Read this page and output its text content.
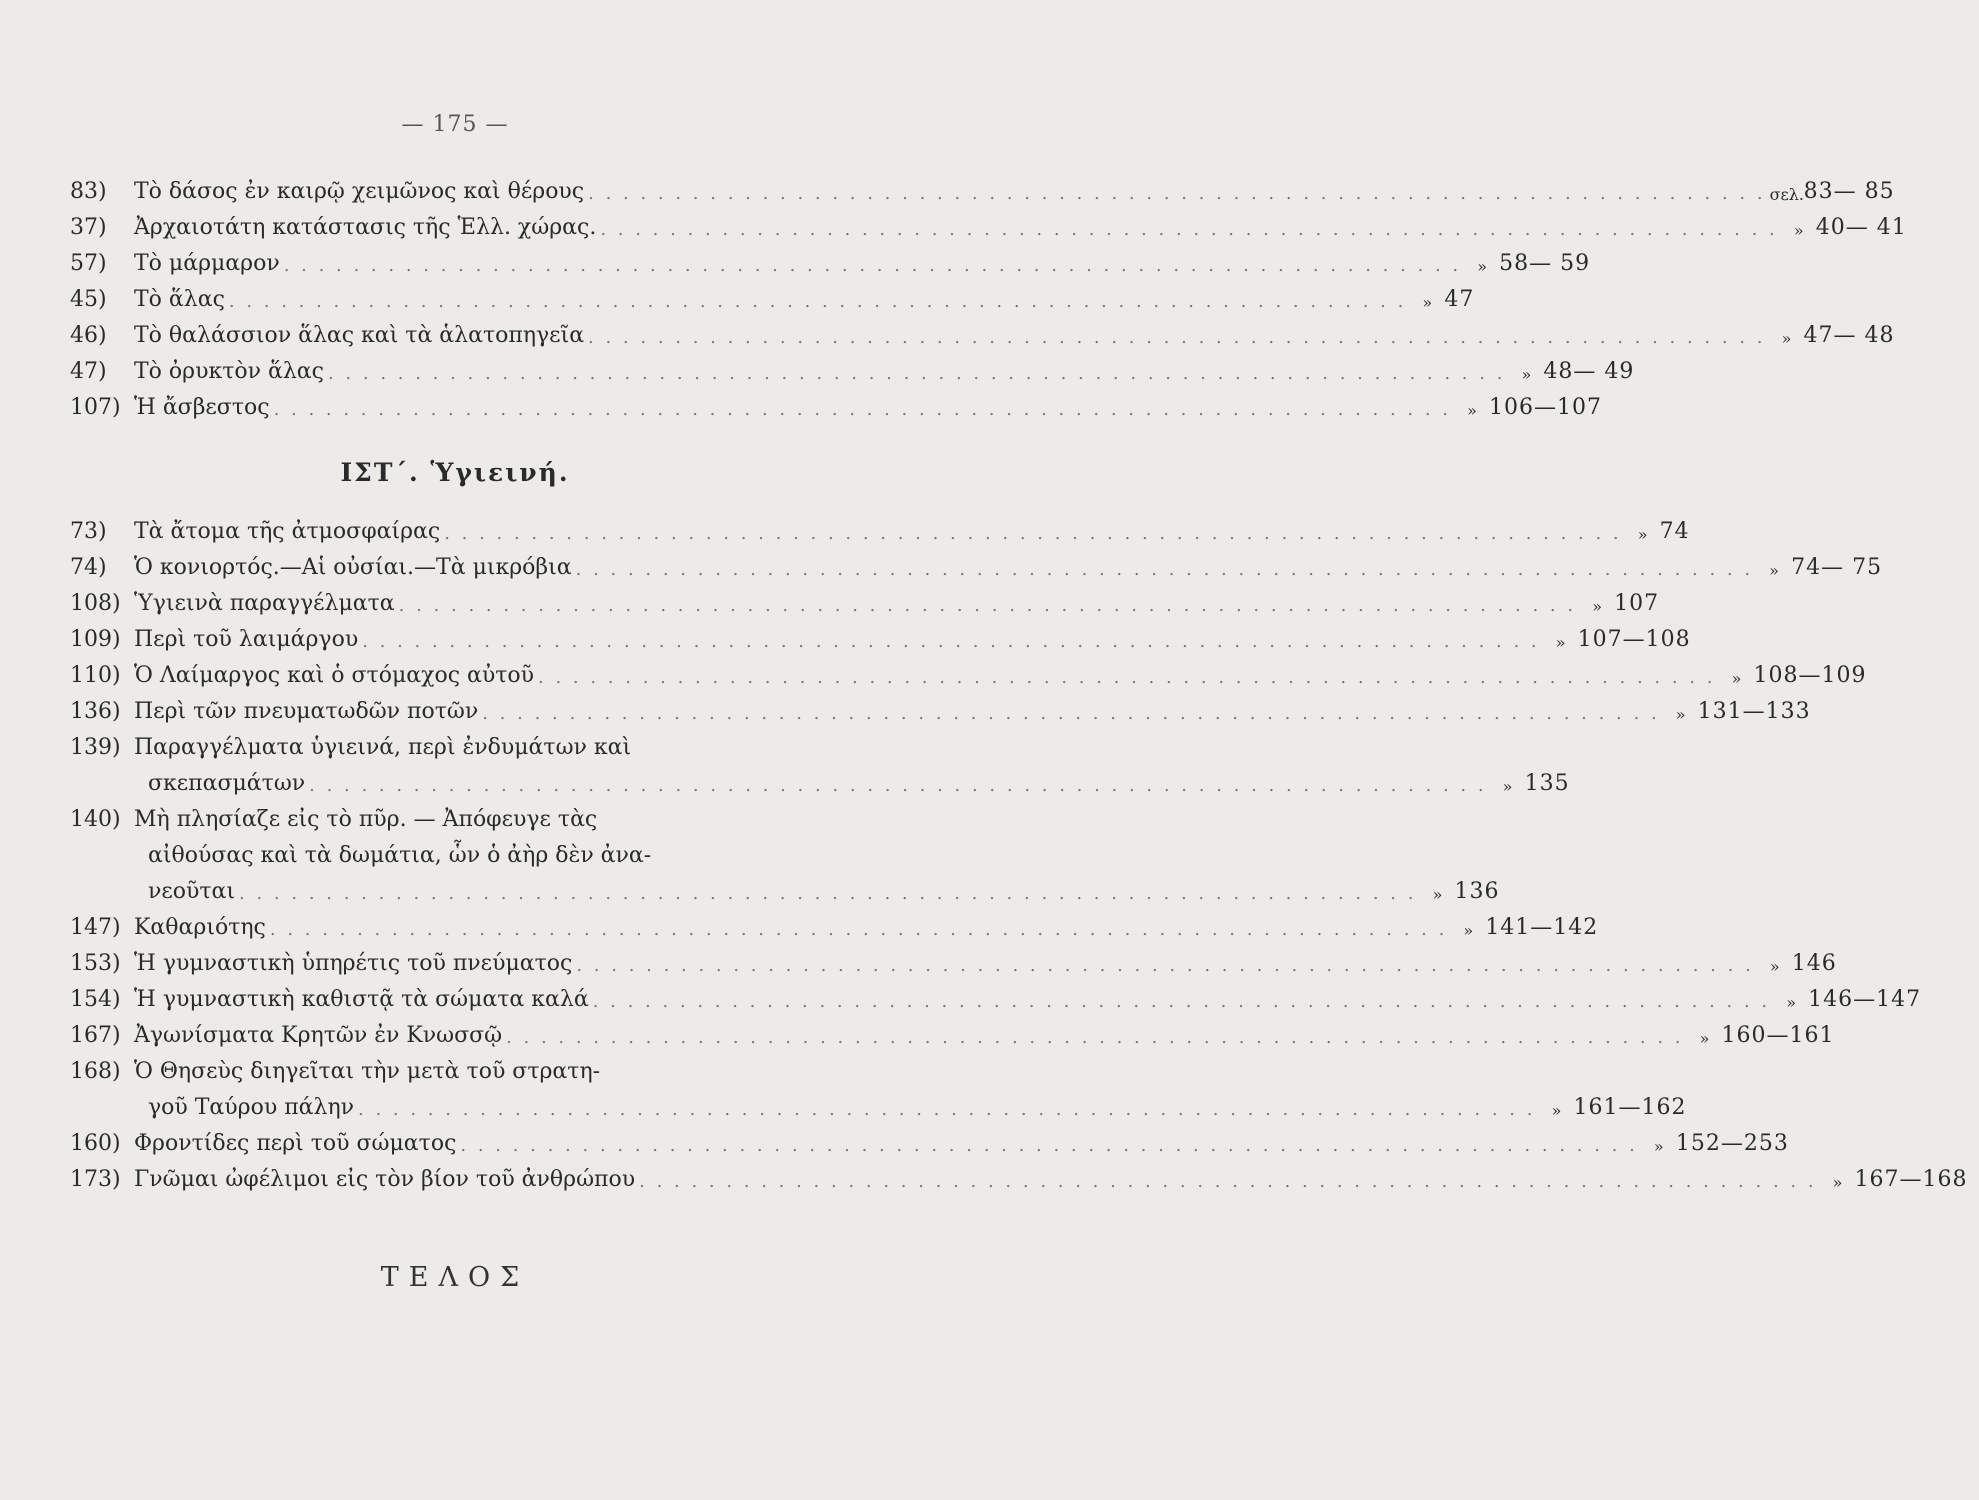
— 175 —
83)	Τὸ δάσος ἐν καιρῷ χειμῶνος καὶ θέρους . . .	σελ. 83— 85
37)	Ἀρχαιοτάτη κατάστασις τῆς Ἑλλ. χώρας. . . .	» 40— 41
57)	Τὸ μάρμαρον . . .	» 58— 59
45)	Τὸ ἅλας . . .	» 47
46)	Τὸ θαλάσσιον ἅλας καὶ τὰ ἁλατοπηγεῖα . . .	» 47— 48
47)	Τὸ ὀρυκτὸν ἅλας . . .	» 48— 49
107) Ἡ ἄσβεστος . . .	» 106—107
ΙΣΤ΄. Ὑγιεινή.
73)	Τὰ ἄτομα τῆς ἀτμοσφαίρας . . .	» 74
74)	Ὁ κονιορτός.—Αἱ οὐσίαι.—Τὰ μικρόβια . . .	» 74— 75
108) Ὑγιεινὰ παραγγέλματα . . .	» 107
109) Περὶ τοῦ λαιμάργου . . .	» 107—108
110) Ὁ Λαίμαργος καὶ ὁ στόμαχος αὐτοῦ . . .	» 108—109
136) Περὶ τῶν πνευματωδῶν ποτῶν . . .	» 131—133
139) Παραγγέλματα ὑγιεινά, περὶ ἐνδυμάτων καὶ
σκεπασμάτων . . .	» 135
140) Μὴ πλησίαζε εἰς τὸ πῦρ. — Ἀπόφευγε τὰς
αἰθούσας καὶ τὰ δωμάτια, ὧν ὁ ἀὴρ δὲν ἀνα-
νεοῦται . . .	» 136
147) Καθαριότης . . .	» 141—142
153) Ἡ γυμναστικὴ ὑπηρέτις τοῦ πνεύματος . . .	» 146
154) Ἡ γυμναστικὴ καθιστᾷ τὰ σώματα καλά . . .	» 146—147
167) Ἀγωνίσματα Κρητῶν ἐν Κνωσσῷ . . .	» 160—161
168) Ὁ Θησεὺς διηγεῖται τὴν μετὰ τοῦ στρατη-
γοῦ Ταύρου πάλην . . .	» 161—162
160) Φροντίδες περὶ τοῦ σώματος . . .	» 152—253
173) Γνῶμαι ὠφέλιμοι εἰς τὸν βίον τοῦ ἀνθρώπου . . .	» 167—168
ΤΕΛΟΣ
